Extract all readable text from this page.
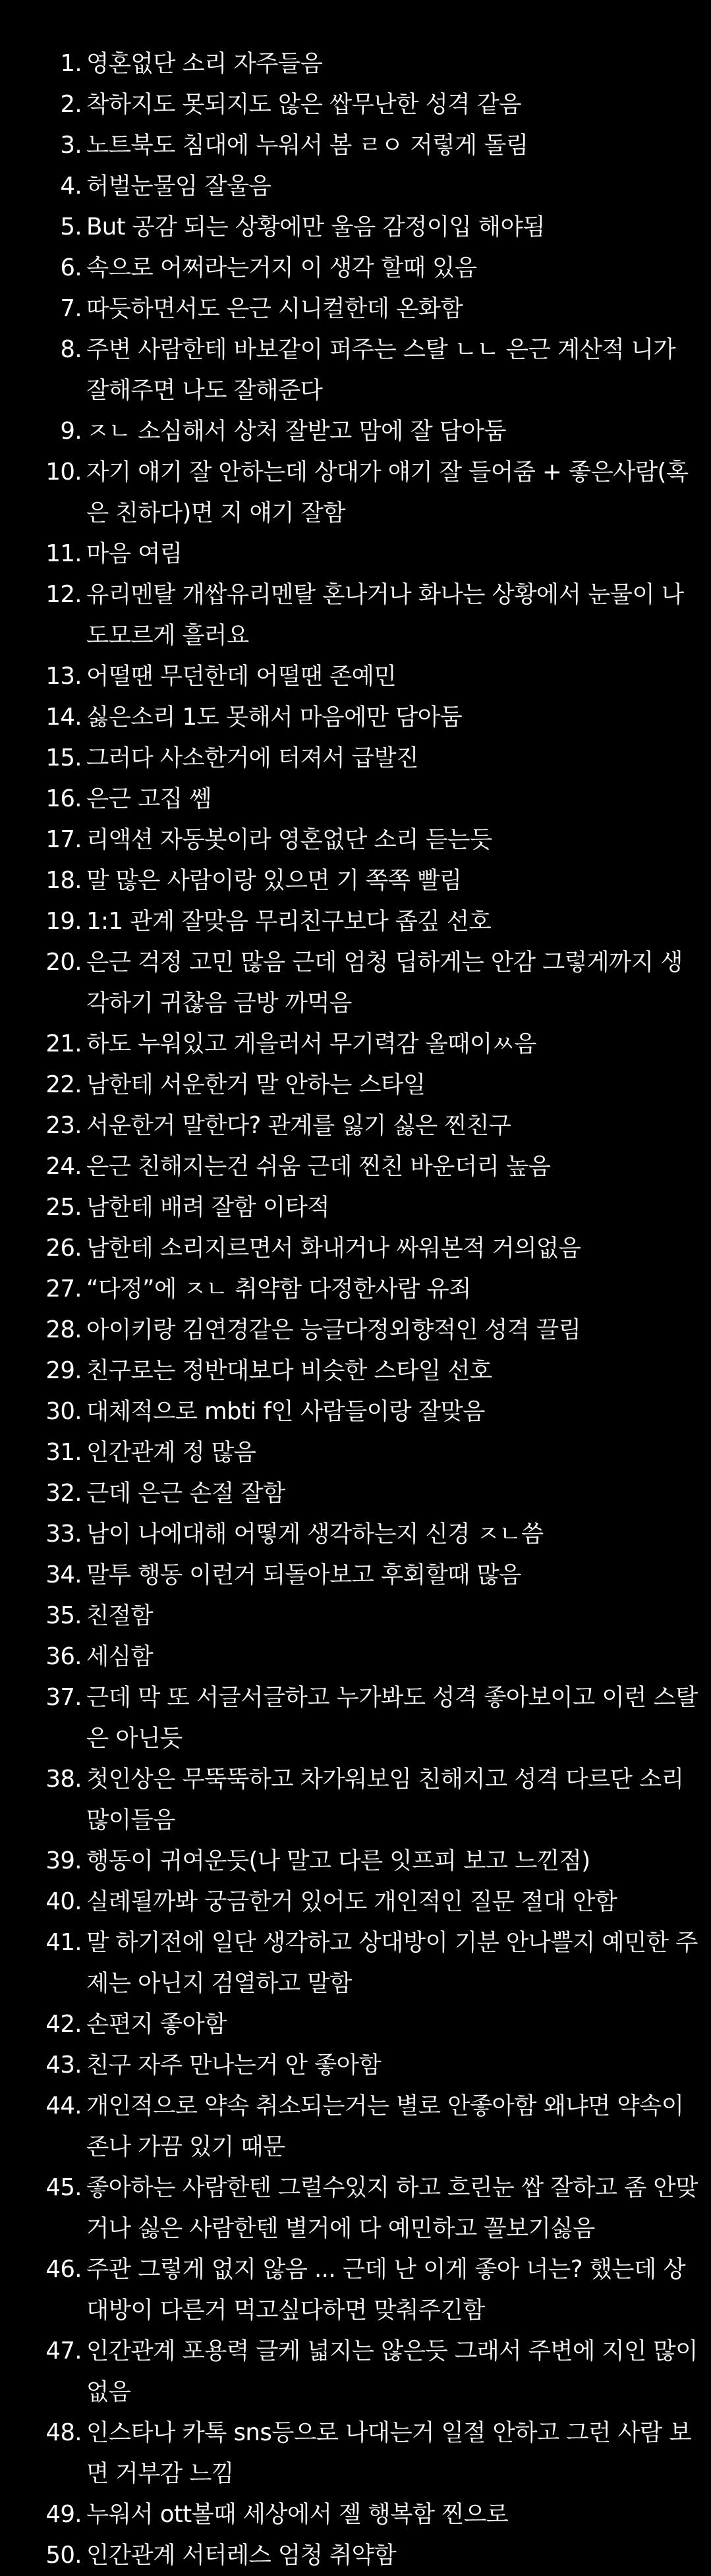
1. 영혼없단 소리 자주들음
2. 착하지도 못되지도 않은 쌉무난한 성격 같음
3. 노트북도 침대에 누워서 봄 ㄹㅇ 저렇게 돌림
4. 허벌눈물임 잘울음
5. But 공감 되는 상황에만 울음 감정이입 해야됨
6. 속으로 어쩌라는거지 이 생각 할때 있음
7. 따듯하면서도 은근 시니컬한데 온화함
8. 주변 사람한테 바보같이 퍼주는 스탈 ㄴㄴ 은근 계산적 니가 잘해주면 나도 잘해준다
9. ㅈㄴ 소심해서 상처 잘받고 맘에 잘 담아둠
10. 자기 얘기 잘 안하는데 상대가 얘기 잘 들어줌 + 좋은사람(혹은 친하다)면 지 얘기 잘함
11. 마음 여림
12. 유리멘탈 개쌉유리멘탈 혼나거나 화나는 상황에서 눈물이 나도모르게 흘러요
13. 어떨땐 무던한데 어떨땐 존예민
14. 싫은소리 1도 못해서 마음에만 담아둠
15. 그러다 사소한거에 터져서 급발진
16. 은근 고집 쎔
17. 리액션 자동봇이라 영혼없단 소리 듣는듯
18. 말 많은 사람이랑 있으면 기 쪽쪽 빨림
19. 1:1 관계 잘맞음 무리친구보다 좁깊 선호
20. 은근 걱정 고민 많음 근데 엄청 딥하게는 안감 그렇게까지 생각하기 귀찮음 금방 까먹음
21. 하도 누워있고 게을러서 무기력감 올때이ㅆ음
22. 남한테 서운한거 말 안하는 스타일
23. 서운한거 말한다? 관계를 잃기 싫은 찐친구
24. 은근 친해지는건 쉬움 근데 찐친 바운더리 높음
25. 남한테 배려 잘함 이타적
26. 남한테 소리지르면서 화내거나 싸워본적 거의없음
27. “다정”에 ㅈㄴ 취약함 다정한사람 유죄
28. 아이키랑 김연경같은 능글다정외향적인 성격 끌림
29. 친구로는 정반대보다 비슷한 스타일 선호
30. 대체적으로 mbti f인 사람들이랑 잘맞음
31. 인간관계 정 많음
32. 근데 은근 손절 잘함
33. 남이 나에대해 어떻게 생각하는지 신경 ㅈㄴ씀
34. 말투 행동 이런거 되돌아보고 후회할때 많음
35. 친절함
36. 세심함
37. 근데 막 또 서글서글하고 누가봐도 성격 좋아보이고 이런 스탈은 아닌듯
38. 첫인상은 무뚝뚝하고 차가워보임 친해지고 성격 다르단 소리 많이들음
39. 행동이 귀여운듯(나 말고 다른 잇프피 보고 느낀점)
40. 실례될까봐 궁금한거 있어도 개인적인 질문 절대 안함
41. 말 하기전에 일단 생각하고 상대방이 기분 안나쁠지 예민한 주제는 아닌지 검열하고 말함
42. 손편지 좋아함
43. 친구 자주 만나는거 안 좋아함
44. 개인적으로 약속 취소되는거는 별로 안좋아함 왜냐면 약속이 존나 가끔 있기 때문
45. 좋아하는 사람한텐 그럴수있지 하고 흐린눈 쌉 잘하고 좀 안맞거나 싫은 사람한텐 별거에 다 예민하고 꼴보기싫음
46. 주관 그렇게 없지 않음 ... 근데 난 이게 좋아 너는? 했는데 상대방이 다른거 먹고싶다하면 맞춰주긴함
47. 인간관계 포용력 글케 넓지는 않은듯 그래서 주변에 지인 많이 없음
48. 인스타나 카톡 sns등으로 나대는거 일절 안하고 그런 사람 보면 거부감 느낌
49. 누워서 ott볼때 세상에서 젤 행복함 찐으로
50. 인간관계 서터레스 엄청 취약함
